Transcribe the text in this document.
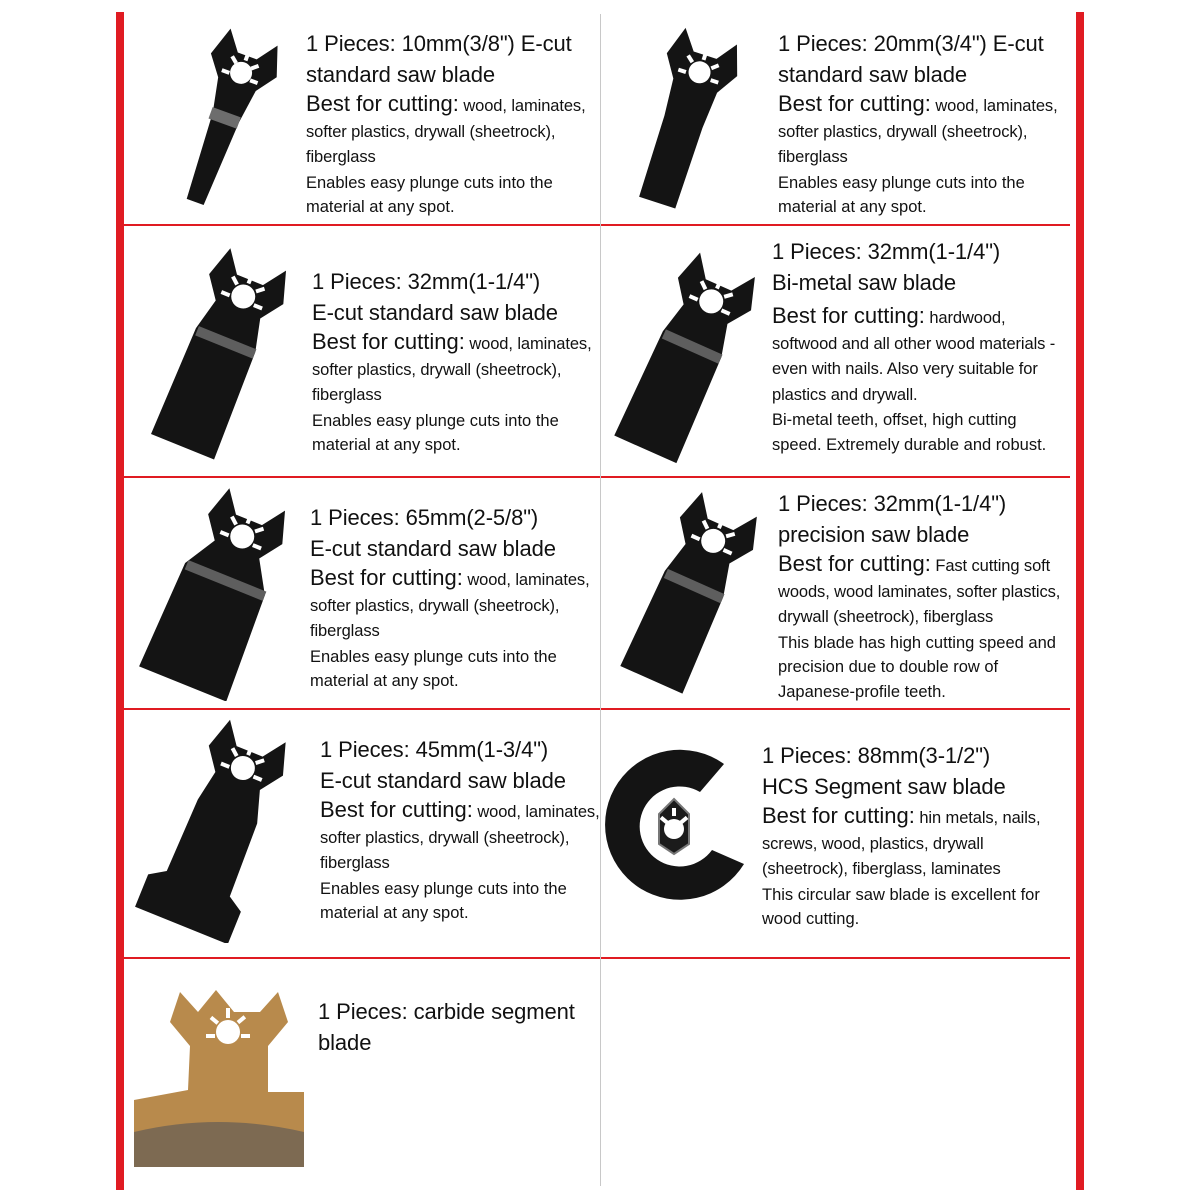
1 Pieces: 10mm(3/8") E-cut
standard saw blade
Best for cutting: wood, laminates, softer plastics, drywall (sheetrock), fiberglass
Enables easy plunge cuts into the material at any spot.
1 Pieces: 20mm(3/4") E-cut
standard saw blade
Best for cutting: wood, laminates, softer plastics, drywall (sheetrock), fiberglass
Enables easy plunge cuts into the material at any spot.
1 Pieces: 32mm(1-1/4")
E-cut standard saw blade
Best for cutting: wood, laminates, softer plastics, drywall (sheetrock), fiberglass
Enables easy plunge cuts into the material at any spot.
1 Pieces: 32mm(1-1/4")
Bi-metal saw blade
Best for cutting: hardwood, softwood and all other wood materials - even with nails. Also very suitable for plastics and drywall.
Bi-metal teeth, offset, high cutting speed. Extremely durable and robust.
1 Pieces: 65mm(2-5/8")
E-cut standard saw blade
Best for cutting: wood, laminates, softer plastics, drywall (sheetrock), fiberglass
Enables easy plunge cuts into the material at any spot.
1 Pieces: 32mm(1-1/4")
precision saw blade
Best for cutting: Fast cutting soft woods, wood laminates, softer plastics, drywall (sheetrock), fiberglass
This blade has high cutting speed and precision due to double row of Japanese-profile teeth.
1 Pieces: 45mm(1-3/4")
E-cut standard saw blade
Best for cutting: wood, laminates, softer plastics, drywall (sheetrock), fiberglass
Enables easy plunge cuts into the material at any spot.
1 Pieces: 88mm(3-1/2")
HCS Segment saw blade
Best for cutting: hin metals, nails, screws, wood, plastics, drywall (sheetrock), fiberglass, laminates
This circular saw blade is excellent for wood cutting.
1 Pieces: carbide segment
blade
